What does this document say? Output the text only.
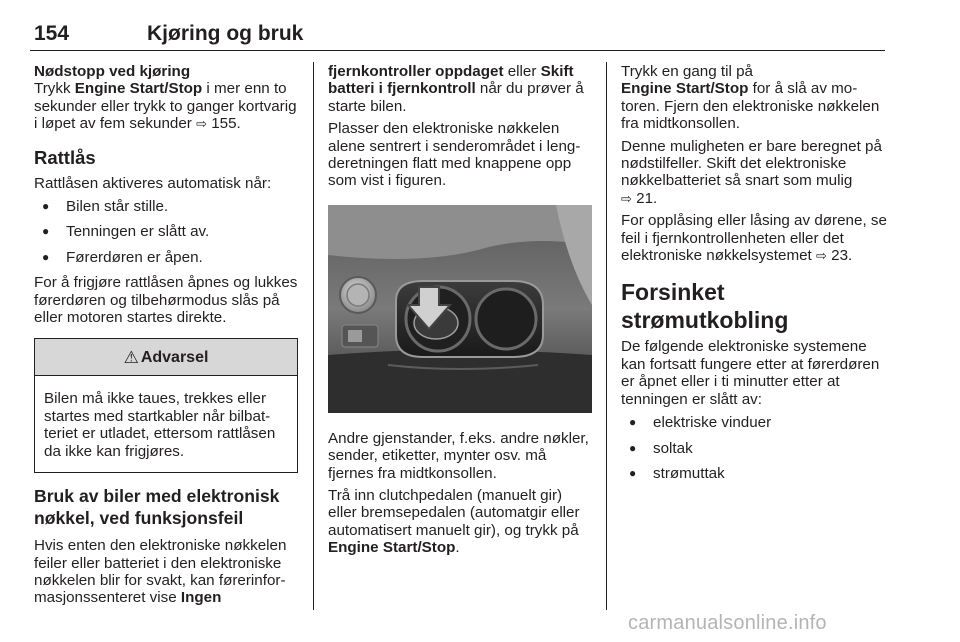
154	Kjøring og bruk

Nødstopp ved kjøring

Trykk Engine Start/Stop i mer enn to sekunder eller trykk to ganger kortvarig i løpet av fem sekunder ⇨ 155.

Rattlås

Rattlåsen aktiveres automatisk når:

● Bilen står stille.
● Tenningen er slått av.
● Førerdøren er åpen.

For å frigjøre rattlåsen åpnes og lukkes førerdøren og tilbehørmodus slås på eller motoren startes direkte.

⚠ Advarsel
Bilen må ikke taues, trekkes eller startes med startkabler når bilbatteriet er utladet, ettersom rattlåsen da ikke kan frigjøres.
Bruk av biler med elektronisk nøkkel, ved funksjonsfeil

Hvis enten den elektroniske nøkkelen feiler eller batteriet i den elektroniske nøkkelen blir for svakt, kan førerinformasjonssenteret vise Ingen

fjernkontroller oppdaget eller Skift batteri i fjernkontroll når du prøver å starte bilen.

Plasser den elektroniske nøkkelen alene sentrert i senderområdet i lengderetningen flatt med knappene opp som vist i figuren.

Andre gjenstander, f.eks. andre nøkler, sender, etiketter, mynter osv. må fjernes fra midtkonsollen.

Trå inn clutchpedalen (manuelt gir) eller bremsepedalen (automatgir eller automatisert manuelt gir), og trykk på Engine Start/Stop.

Trykk en gang til på
Engine Start/Stop for å slå av motoren. Fjern den elektroniske nøkkelen fra midtkonsollen.

Denne muligheten er bare beregnet på nødstilfeller. Skift det elektroniske nøkkelbatteriet så snart som mulig
⇨ 21.

For opplåsing eller låsing av dørene, se feil i fjernkontrollenheten eller det elektroniske nøkkelsystemet ⇨ 23.

Forsinket strømutkobling

De følgende elektroniske systemene kan fortsatt fungere etter at førerdøren er åpnet eller i ti minutter etter at tenningen er slått av:

● elektriske vinduer
● soltak
● strømuttak
carmanualsonline.info
